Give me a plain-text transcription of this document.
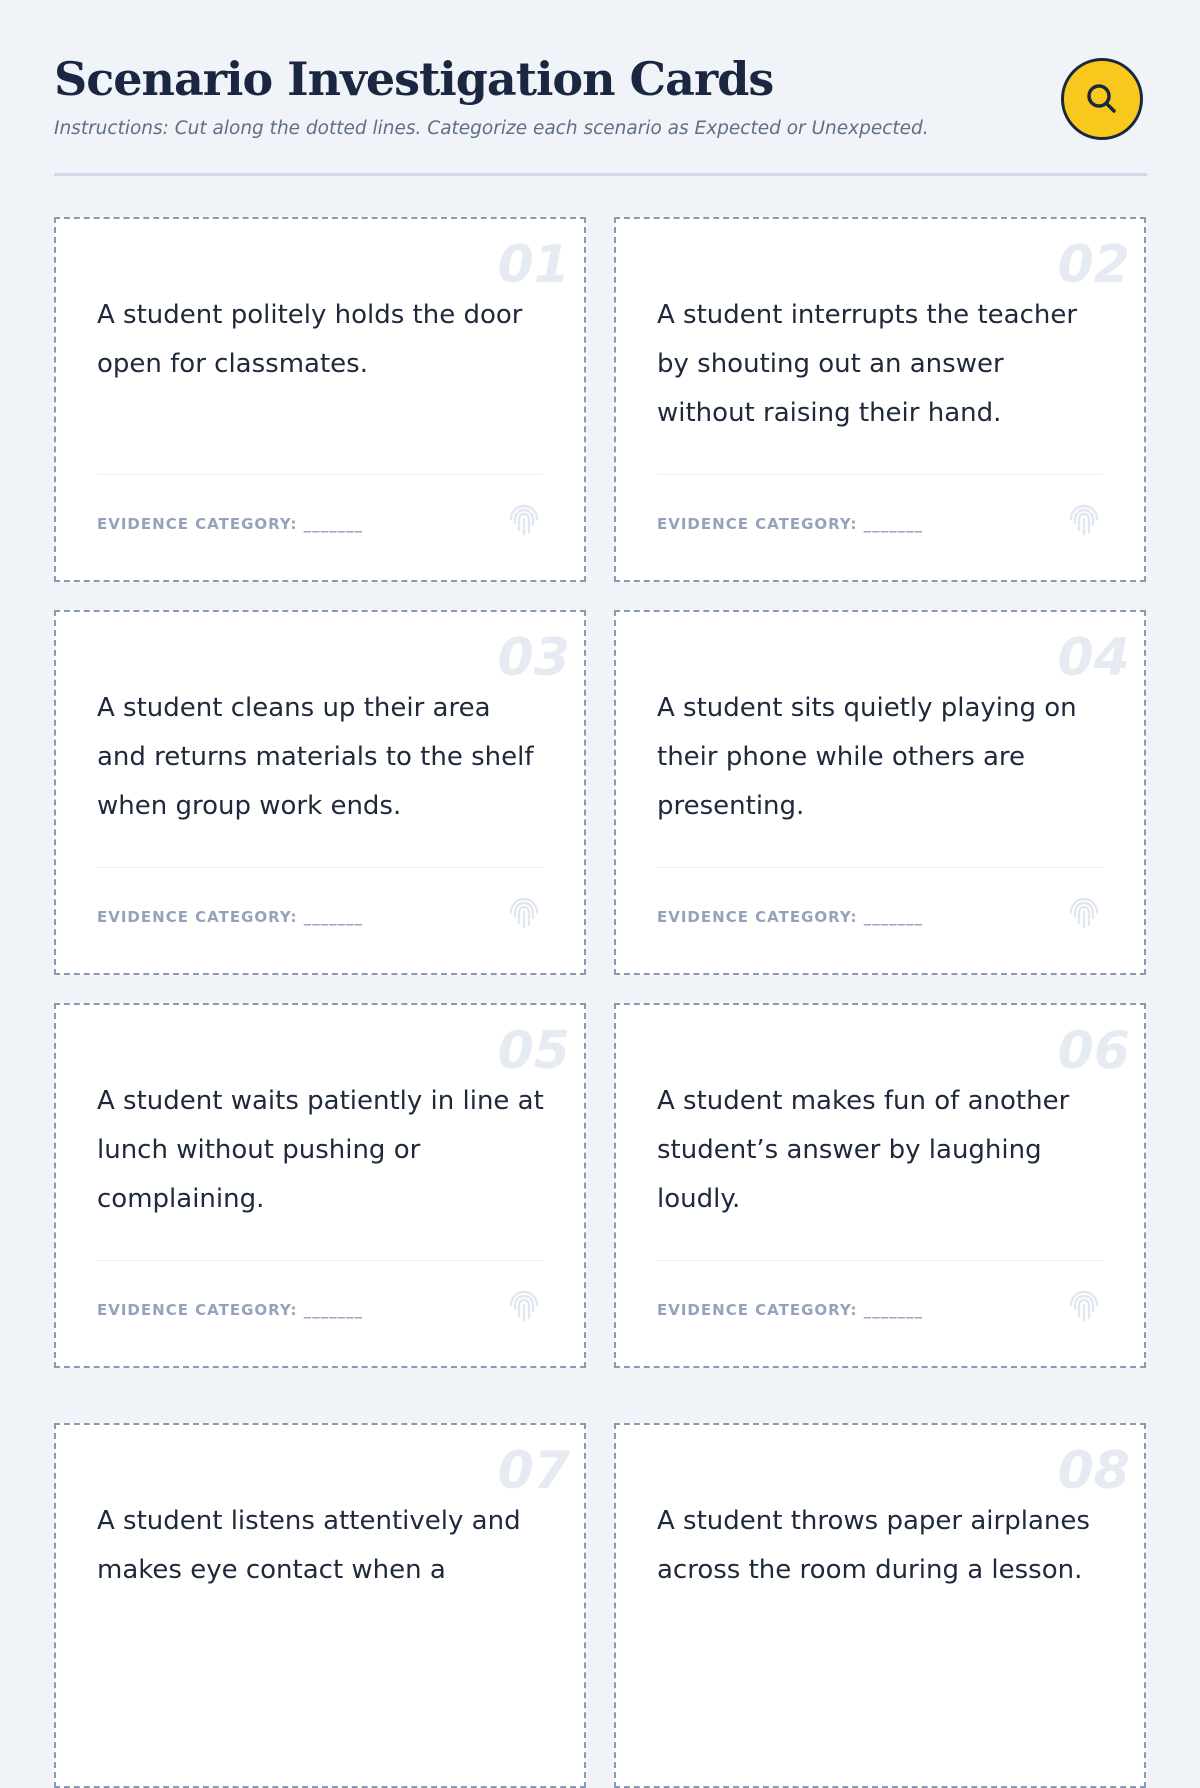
Scenario Investigation Cards

Instructions: Cut along the dotted lines. Categorize each scenario as Expected or Unexpected.

01

A student politely holds the door open for classmates.

EVIDENCE CATEGORY: _______
02

A student interrupts the teacher by shouting out an answer without raising their hand.

EVIDENCE CATEGORY: _______
03

A student cleans up their area and returns materials to the shelf when group work ends.

EVIDENCE CATEGORY: _______
04

A student sits quietly playing on their phone while others are presenting.

EVIDENCE CATEGORY: _______
05

A student waits patiently in line at lunch without pushing or complaining.

EVIDENCE CATEGORY: _______
06

A student makes fun of another student’s answer by laughing loudly.

EVIDENCE CATEGORY: _______
07

A student listens attentively and makes eye contact when a

08

A student throws paper airplanes across the room during a lesson.
